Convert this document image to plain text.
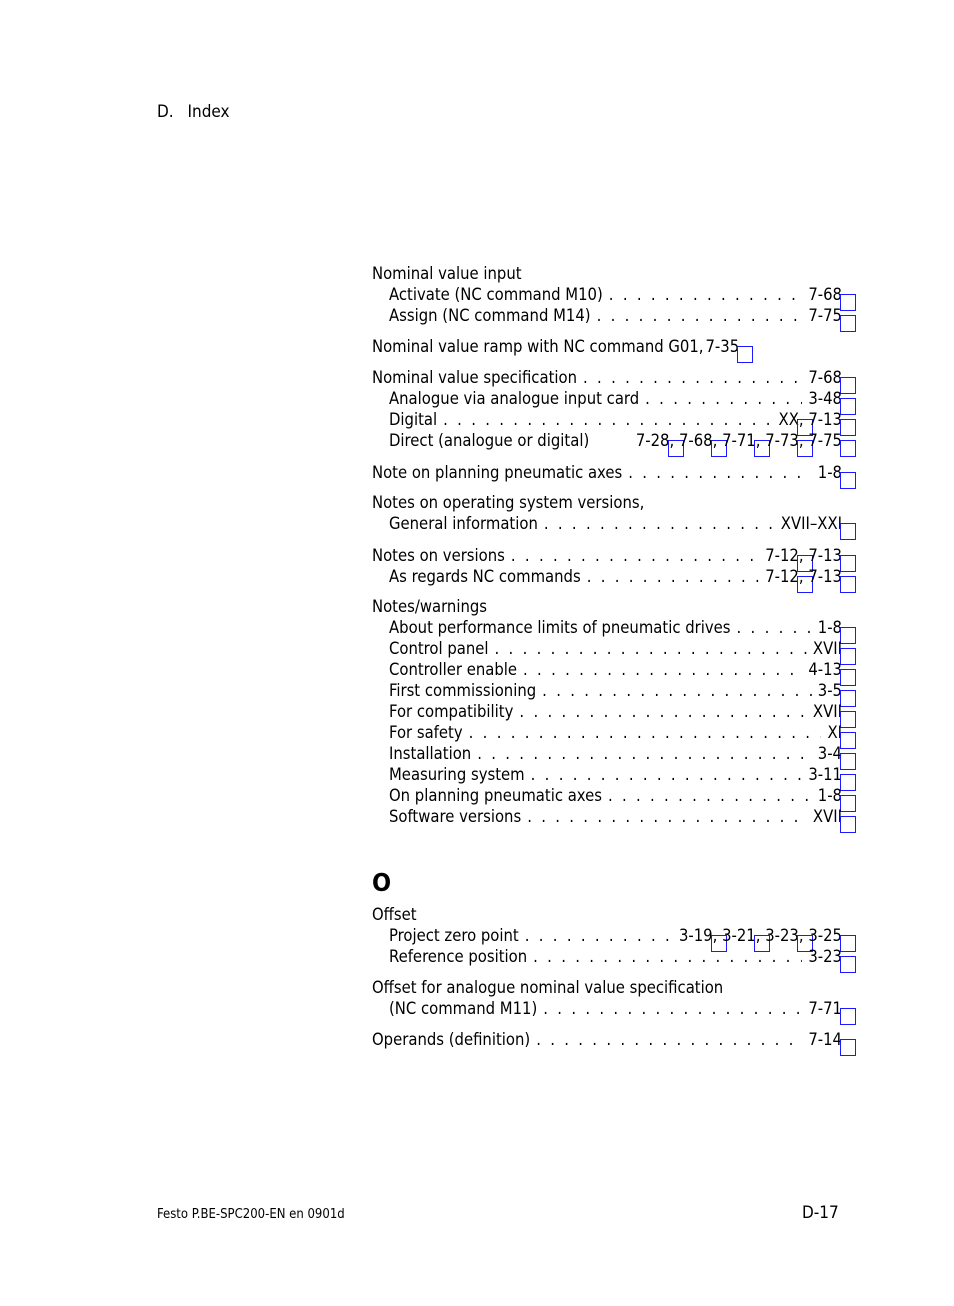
D. Index
Nominal value input
Activate (NC command M10) . . .	7-68
Assign (NC command M14) . . .	7-75
Nominal value ramp with NC command G01, 7-35
Nominal value specification . . .	7-68
Analogue via analogue input card . . .	3-48
Digital . . .	XX, 7-13
Direct (analogue or digital)	7-28, 7-68, 7-71, 7-73, 7-75
Note on planning pneumatic axes . . .	1-8
Notes on operating system versions,
General information . . .	XVII–XXI
Notes on versions . . .	7-12, 7-13
As regards NC commands . . .	7-12, 7-13
Notes/warnings
About performance limits of pneumatic drives . . .	1-8
Control panel . . .	XVII
Controller enable . . .	4-13
First commissioning . . .	3-5
For compatibility . . .	XVII
For safety . . .	XI
Installation . . .	3-4
Measuring system . . .	3-11
On planning pneumatic axes . . .	1-8
Software versions . . .	XVII
O
Offset
Project zero point . . .	3-19, 3-21, 3-23, 3-25
Reference position . . .	3-23
Offset for analogue nominal value specification
(NC command M11) . . .	7-71
Operands (definition) . . .	7-14
Festo P.BE-SPC200-EN en 0901d	D-17
